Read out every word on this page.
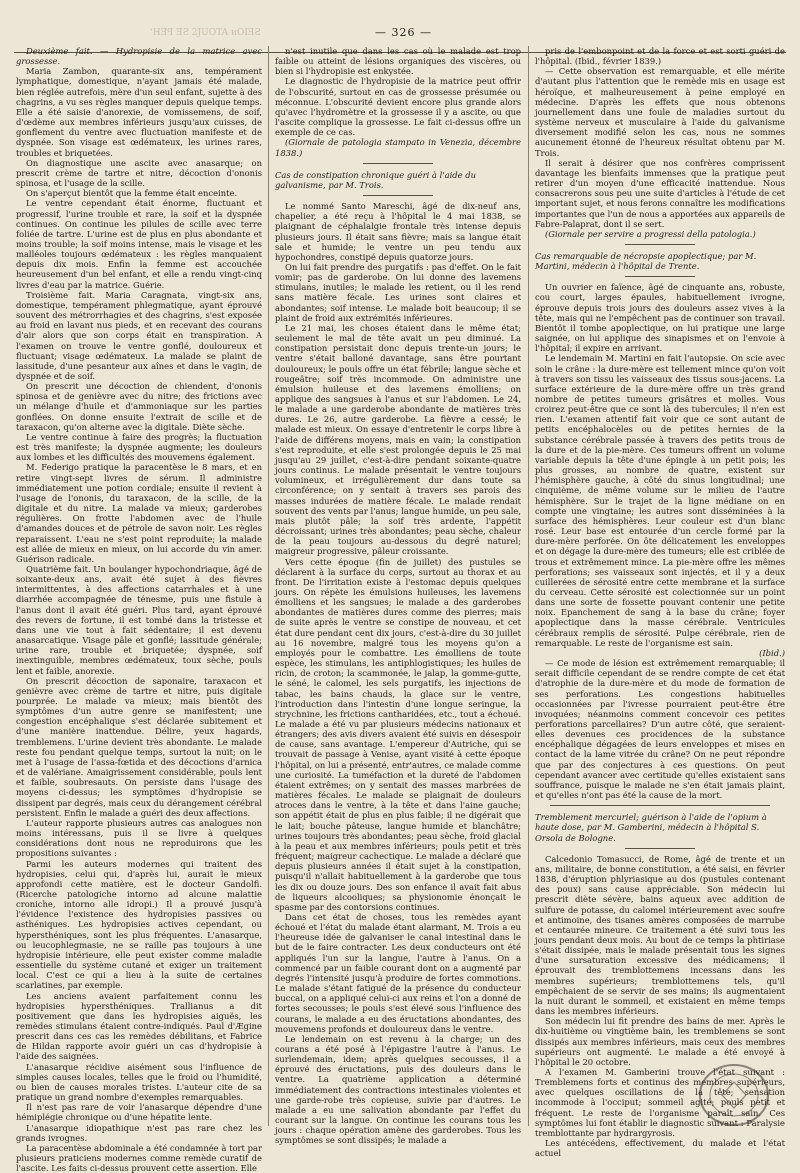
ʻHƎꟼ ƎƧ 2JUOTA ᴎOIƎƧ	— 326 —

Deuxième fait. — Hydropisie de la matrice avec grossesse.

Maria Zambon, quarante-six ans, tempérament lymphatique, domestique, n'ayant jamais été malade, bien réglée autrefois, mère d'un seul enfant, sujette à des chagrins, a vu ses règles manquer depuis quelque temps. Elle a été saisie d'anorexie, de vomissemens, de soif, d'œdème aux membres inférieurs jusqu'aux cuisses, de gonflement du ventre avec fluctuation manifeste et de dyspnée. Son visage est œdémateux, les urines rares, troubles et briquetées.

On diagnostique une ascite avec anasarque; on prescrit crème de tartre et nitre, décoction d'ononis spinosa, et l'usage de la scille.

On s'aperçut bientôt que la femme était enceinte.

Le ventre cependant était énorme, fluctuant et progressif, l'urine trouble et rare, la soif et la dyspnée continues. On continue les pilules de scille avec terre foliée de tartre. L'urine est de plus en plus abondante et moins trouble; la soif moins intense, mais le visage et les malléoles toujours œdémateux : les règles manquaient depuis dix mois. Enfin la femme est accouchée heureusement d'un bel enfant, et elle a rendu vingt-cinq livres d'eau par la matrice. Guérie.

Troisième fait. Maria Caragnata, vingt-six ans, domestique, tempérament phlegmatique, ayant éprouvé souvent des métrorrhagies et des chagrins, s'est exposée au froid en lavant nus pieds, et en recevant des courans d'air alors que son corps était en transpiration. A l'examen on trouve le ventre gonflé, douloureux et fluctuant; visage œdémateux. La malade se plaint de lassitude, d'une pesanteur aux aînes et dans le vagin, de dyspnée et de soif.

On prescrit une décoction de chiendent, d'ononis spinosa et de genièvre avec du nitre; des frictions avec un mélange d'huile et d'ammoniaque sur les parties gonflées. On donne ensuite l'extrait de scille et de taraxacon, qu'on alterne avec la digitale. Diète sèche.

Le ventre continue à faire des progrès; la fluctuation est très manifeste; la dyspnée augmente; les douleurs aux lombes et les difficultés des mouvemens également.

M. Federigo pratique la paracentèse le 8 mars, et en retire vingt-sept livres de sérum. Il administre immédiatement une potion cordiale; ensuite il revient à l'usage de l'ononis, du taraxacon, de la scille, de la digitale et du nitre. La malade va mieux; garderobes régulières. On frotte l'abdomen avec de l'huile d'amandes douces et de pétrole de savon noir. Les règles reparaissent. L'eau ne s'est point reproduite; la malade est allée de mieux en mieux, on lui accorde du vin amer. Guérison radicale.

Quatrième fait. Un boulanger hypochondriaque, âgé de soixante-deux ans, avait été sujet à des fièvres intermittentes, à des affections catarrhales et à une diarrhée accompagnée de ténesme, puis une fistule à l'anus dont il avait été guéri. Plus tard, ayant éprouvé des revers de fortune, il est tombé dans la tristesse et dans une vie tout à fait sédentaire; il est devenu anasarcatique. Visage pâle et gonflé; lassitude générale; urine rare, trouble et briquetée; dyspnée, soif inextinguible, membres œdémateux, toux sèche, pouls lent et faible, anorexie.

On prescrit décoction de saponaire, taraxacon et genièvre avec crème de tartre et nitre, puis digitale pourprée. Le malade va mieux; mais bientôt des symptômes d'un autre genre se manifestent; une congestion encéphalique s'est déclarée subitement et d'une manière inattendue. Délire, yeux hagards, tremblemens. L'urine devient très abondante. Le malade reste fou pendant quelque temps, surtout la nuit; on le met à l'usage de l'assa-fœtida et des décoctions d'arnica et de valériane. Amaigrissement considérable, pouls lent et faible, soubresauts. On persiste dans l'usage des moyens ci-dessus; les symptômes d'hydropisie se dissipent par degrés, mais ceux du dérangement cérébral persistent. Enfin le malade a guéri des deux affections.

L'auteur rapporte plusieurs autres cas analogues non moins intéressans, puis il se livre à quelques considérations dont nous ne reproduirons que les propositions suivantes :

Parmi les auteurs modernes qui traitent des hydropisies, celui qui, d'après lui, aurait le mieux approfondi cette matière, est le docteur Gandolfi. (Ricerche patologiche intorno ad alcune malattie croniche, intorno alle idropi.) Il a prouvé jusqu'à l'évidence l'existence des hydropisies passives ou asthéniques. Les hydropisies actives cependant, ou hypersthéniques, sont les plus fréquentes. L'anasarque, ou leucophlegmasie, ne se raille pas toujours à une hydropisie intérieure, elle peut exister comme maladie essentielle du système cutané et exiger un traitement local. C'est ce qui a lieu à la suite de certaines scarlatines, par exemple.

Les anciens avaient parfaitement connu les hydropisies hypersthéniques. Trallianus a dit positivement que dans les hydropisies aiguës, les remèdes stimulans étaient contre-indiqués. Paul d'Ægine prescrit dans ces cas les remèdes débilitans, et Fabrice de Hildan rapporte avoir guéri un cas d'hydropisie à l'aide des saignées.

L'anasarque récidive aisément sous l'influence de simples causes locales, telles que le froid ou l'humidité, ou bien de causes morales tristes. L'auteur cite de sa pratique un grand nombre d'exemples remarquables.

Il n'est pas rare de voir l'anasarque dépendre d'une hémiplégie chronique ou d'une hépatite lente.

L'anasarque idiopathique n'est pas rare chez les grands ivrognes.

La paracentèse abdominale a été condamnée à tort par plusieurs praticiens modernes comme remède curatif de l'ascite. Les faits ci-dessus prouvent cette assertion. Elle

n'est inutile que dans les cas où le malade est trop faible ou atteint de lésions organiques des viscères, ou bien si l'hydropisie est enkystée.

Le diagnostic de l'hydropisie de la matrice peut offrir de l'obscurité, surtout en cas de grossesse présumée ou méconnue. L'obscurité devient encore plus grande alors qu'avec l'hydromètre et la grossesse il y a ascite, ou que l'ascite complique la grossesse. Le fait ci-dessus offre un exemple de ce cas.

(Giornale de patologia stampato in Venezia, décembre 1838.)

Cas de constipation chronique guéri à l'aide du galvanisme, par M. Trois.

Le nommé Santo Mareschi, âgé de dix-neuf ans, chapelier, a été reçu à l'hôpital le 4 mai 1838, se plaignant de céphalalgie frontale très intense depuis plusieurs jours. Il était sans fièvre; mais sa langue était sale et humide; le ventre un peu tendu aux hypochondres, constipé depuis quatorze jours.

On lui fait prendre des purgatifs : pas d'effet. On le fait vomir; pas de garderobe. On lui donne des lavemens stimulans, inutiles; le malade les retient, ou il les rend sans matière fécale. Les urines sont claires et abondantes; soif intense. Le malade boit beaucoup; il se plaint de froid aux extrémités inférieures.

Le 21 mai, les choses étaient dans le même état; seulement le mal de tête avait un peu diminué. La constipation persistait donc depuis trente-un jours; le ventre s'était balloné davantage, sans être pourtant douloureux; le pouls offre un état fébrile; langue sèche et rougeâtre; soif très incommode. On administre une émulsion huileuse et des lavemens émolliens; on applique des sangsues à l'anus et sur l'abdomen. Le 24, le malade a une garderobe abondante de matières très dures. Le 26, autre garderobe. La fièvre a cessé; le malade est mieux. On essaye d'entretenir le corps libre à l'aide de différens moyens, mais en vain; la constipation s'est reproduite, et elle s'est prolongée depuis le 25 mai jusqu'au 29 juillet, c'est-à-dire pendant soixante-quatre jours continus. Le malade présentait le ventre toujours volumineux, et irrégulièrement dur dans toute sa circonférence; on y sentait à travers ses parois des masses indurées de matière fécale. Le malade rendait souvent des vents par l'anus; langue humide, un peu sale, mais plutôt pâle; la soif très ardente, l'appétit décroissant; urines très abondantes; peau sèche, chaleur de la peau toujours au-dessous du degré naturel; maigreur progressive, pâleur croissante.

Vers cette époque (fin de juillet) des pustules se déclarent à la surface du corps, surtout au thorax et au front. De l'irritation existe à l'estomac depuis quelques jours. On répète les émulsions huileuses, les lavemens émolliens et les sangsues; le malade a des garderobes abondantes de matières dures comme des pierres; mais de suite après le ventre se constipe de nouveau, et cet état dure pendant cent dix jours, c'est-à-dire du 30 juillet au 16 novembre, malgré tous les moyens qu'on a employés pour le combattre. Les émolliens de toute espèce, les stimulans, les antiphlogistiques; les huiles de ricin, de croton; la scammonée, le jalap, la gomme-gutte, le séné, le calomel, les sels purgatifs, les injections de tabac, les bains chauds, la glace sur le ventre, l'introduction dans l'intestin d'une longue seringue, la strychnine, les frictions cantharidées, etc., tout a échoué. Le malade a été vu par plusieurs médecins nationaux et étrangers; des avis divers avaient été suivis en désespoir de cause, sans avantage. L'empereur d'Autriche, qui se trouvait de passage à Venise, ayant visité à cette époque l'hôpital, on lui a présenté, entr'autres, ce malade comme une curiosité. La tuméfaction et la dureté de l'abdomen étaient extrêmes; on y sentait des masses marbrées de matières fécales. Le malade se plaignait de douleurs atroces dans le ventre, à la tête et dans l'aine gauche; son appétit était de plus en plus faible; il ne digérait que le lait; bouche pâteuse, langue humide et blanchâtre; urines toujours très abondantes; peau sèche, froid glacial à la peau et aux membres inférieurs; pouls petit et très fréquent; maigreur cachectique. Le malade a déclaré que depuis plusieurs années il était sujet à la constipation, puisqu'il n'allait habituellement à la garderobe que tous les dix ou douze jours. Des son enfance il avait fait abus de liqueurs alcooliques; sa physionomie énonçait le spasme par des contorsions continues.

Dans cet état de choses, tous les remèdes ayant échoué et l'état du malade étant alarmant, M. Trois a eu l'heureuse idée de galvaniser le canal intestinal dans le but de le faire contracter. Les deux conducteurs ont été appliqués l'un sur la langue, l'autre à l'anus. On a commencé par un faible courant dont on a augmenté par degrés l'intensité jusqu'à produire de fortes commotions. Le malade s'étant fatigué de la présence du conducteur buccal, on a appliqué celui-ci aux reins et l'on a donné de fortes secousses; le pouls s'est élevé sous l'influence des courans, le malade a eu des éructations abondantes, des mouvemens profonds et douloureux dans le ventre.

Le lendemain on est revenu à la charge; un des courans a été posé à l'épigastre l'autre à l'anus. Le surlendemain, idem; après quelques secousses, il a éprouvé des éructations, puis des douleurs dans le ventre. La quatrième application a déterminé immédiatement des contractions intestinales violentes et une garde-robe très copieuse, suivie par d'autres. Le malade a eu une salivation abondante par l'effet du courant sur la langue. On continue les courans tous les jours : chaque opération amène des garderobes. Tous les symptômes se sont dissipés; le malade a

pris de l'embonpoint et de la force et est sorti guéri de l'hôpital. (Ibid., février 1839.)

— Cette observation est remarquable, et elle mérite d'autant plus l'attention que le remède mis en usage est héroïque, et malheureusement à peine employé en médecine. D'après les effets que nous obtenons journellement dans une foule de maladies surtout du système nerveux et musculaire à l'aide du galvanisme diversement modifié selon les cas, nous ne sommes aucunement étonné de l'heureux résultat obtenu par M. Trois.

Il serait à désirer que nos confrères comprissent davantage les bienfaits immenses que la pratique peut retirer d'un moyen d'une efficacité inattendue. Nous consacrerons sous peu une suite d'articles à l'étude de cet important sujet, et nous ferons connaître les modifications importantes que l'un de nous a apportées aux appareils de Fabre-Palaprat, dont il se sert.

(Giornale per servire a progressi della patologia.)

Cas remarquable de nécropsie apoplectique; par M. Martini, médecin à l'hôpital de Trente.

Un ouvrier en faïence, âgé de cinquante ans, robuste, cou court, larges épaules, habituellement ivrogne, éprouve depuis trois jours des douleurs assez vives à la tête, mais qui ne l'empêchent pas de continuer son travail. Bientôt il tombe apoplectique, on lui pratique une large saignée, on lui applique des sinapismes et on l'envoie à l'hôpital; il expire en arrivant.

Le lendemain M. Martini en fait l'autopsie. On scie avec soin le crâne : la dure-mère est tellement mince qu'on voit à travers son tissu les vaisseaux des tissus sous-jacens. La surface extérieure de la dure-mère offre un très grand nombre de petites tumeurs grisâtres et molles. Vous croirez peut-être que ce sont là des tubercules; il n'en est rien. L'examen attentif fait voir que ce sont autant de petits encéphalocèles ou de petites hernies de la substance cérébrale passée à travers des petits trous de la dure et de la pie-mère. Ces tumeurs offrent un volume variable depuis la tête d'une épingle à un petit pois; les plus grosses, au nombre de quatre, existent sur l'hémisphère gauche, à côté du sinus longitudinal; une cinquième, de même volume sur le milieu de l'autre hémisphère. Sur le trajet de la ligne médiane on en compte une vingtaine; les autres sont disséminées à la surface des hémisphères. Leur couleur est d'un blanc rosé. Leur base est entourée d'un cercle formé par la dure-mère perforée. On ôte délicatement les enveloppes et on dégage la dure-mère des tumeurs; elle est criblée de trous et extrêmement mince. La pie-mère offre les mêmes perforations; ses vaisseaux sont injectés, et il y a deux cuillerées de sérosité entre cette membrane et la surface du cerveau. Cette sérosité est colectionnée sur un point dans une sorte de fossette pouvant contenir une petite noix. Epanchement de sang à la base du crâne; foyer apoplectique dans la masse cérébrale. Ventricules cérébraux remplis de sérosité. Pulpe cérébrale, rien de remarquable. Le reste de l'organisme est sain.

(Ibid.)

— Ce mode de lésion est extrêmement remarquable; il serait difficile cependant de se rendre compte de cet état d'atrophie de la dure-mère et du mode de formation de ses perforations. Les congestions habituelles occasionnées par l'ivresse pourraient peut-être être invoquées; néanmoins comment concevoir ces petites perforations parcellaires? D'un autre côté, que seraient-elles devenues ces procidences de la substance encéphalique dégagées de leurs enveloppes et mises en contact de la lame vitrée du crâne? On ne peut répondre que par des conjectures à ces questions. On peut cependant avancer avec certitude qu'elles existaient sans souffrance, puisque le malade ne s'en était jamais plaint, et qu'elles n'ont pas été la cause de la mort.

Tremblement mercuriel; guérison à l'aide de l'opium à haute dose, par M. Gamberini, médecin à l'hôpital S. Orsola de Bologne.

Calcedonio Tomasucci, de Rome, âgé de trente et un ans, militaire, de bonne constitution, a été saisi, en février 1838, d'éruption phlyriasique au dos (pustules contenant des poux) sans cause appréciable. Son médecin lui prescrit diète sévère, bains aqueux avec addition de sulfure de potasse, du calomel intérieurement avec soufre et antimoine, des tisanes amères composées de marrube et centaurée mineure. Ce traitement a été suivi tous les jours pendant deux mois. Au bout de ce temps la phtiriase s'était dissipée, mais le malade présentait tous les signes d'une sursaturation excessive des médicamens; il éprouvait des tremblottemens incessans dans les membres supérieurs; tremblottemens tels, qu'il empêchaient de se servir de ses mains; ils augmentaient la nuit durant le sommeil, et existaient en même temps dans les membres inférieurs.

Son médecin lui fit prendre des bains de mer. Après le dix-huitième ou vingtième bain, les tremblemens se sont dissipés aux membres inférieurs, mais ceux des membres supérieurs ont augmenté. Le malade a été envoyé à l'hôpital le 20 octobre.

A l'examen M. Gamberini trouve l'état suivant : Tremblemens forts et continus des membres supérieurs, avec quelques oscillations de la tête; sensation incommode à l'occiput; sommeil agité; pouls petit et fréquent. Le reste de l'organisme paraît sain. Ces symptômes lui font établir le diagnostic suivant : Paralysie tremblottante par hydrargyrosis.

Les antécédens, effectivement, du malade et l'état actuel
